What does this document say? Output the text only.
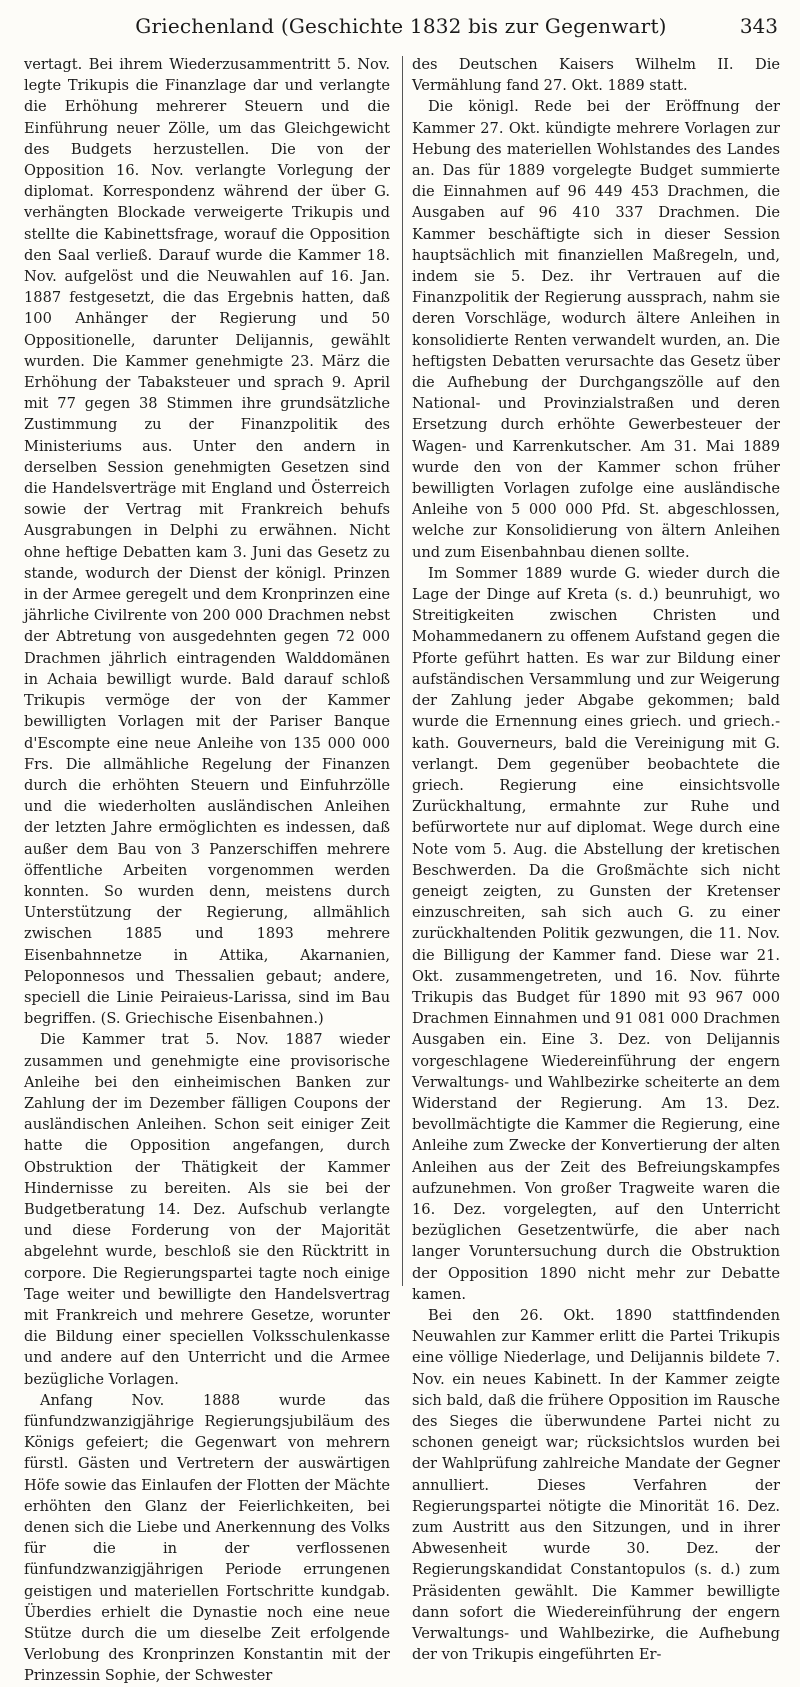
Griechenland (Geschichte 1832 bis zur Gegenwart)	343

vertagt. Bei ihrem Wiederzusammentritt 5. Nov. legte Trikupis die Finanzlage dar und verlangte die Erhöhung mehrerer Steuern und die Einführung neuer Zölle, um das Gleichgewicht des Budgets herzustellen. Die von der Opposition 16. Nov. verlangte Vorlegung der diplomat. Korrespondenz während der über G. verhängten Blockade verweigerte Trikupis und stellte die Kabinettsfrage, worauf die Opposition den Saal verließ. Darauf wurde die Kammer 18. Nov. aufgelöst und die Neuwahlen auf 16. Jan. 1887 festgesetzt, die das Ergebnis hatten, daß 100 Anhänger der Regierung und 50 Oppositionelle, darunter Delijannis, gewählt wurden. Die Kammer genehmigte 23. März die Erhöhung der Tabaksteuer und sprach 9. April mit 77 gegen 38 Stimmen ihre grundsätzliche Zustimmung zu der Finanzpolitik des Ministeriums aus. Unter den andern in derselben Session genehmigten Gesetzen sind die Handelsverträge mit England und Österreich sowie der Vertrag mit Frankreich behufs Ausgrabungen in Delphi zu erwähnen. Nicht ohne heftige Debatten kam 3. Juni das Gesetz zu stande, wodurch der Dienst der königl. Prinzen in der Armee geregelt und dem Kronprinzen eine jährliche Civilrente von 200 000 Drachmen nebst der Abtretung von ausgedehnten gegen 72 000 Drachmen jährlich eintragenden Walddomänen in Achaia bewilligt wurde. Bald darauf schloß Trikupis vermöge der von der Kammer bewilligten Vorlagen mit der Pariser Banque d'Escompte eine neue Anleihe von 135 000 000 Frs. Die allmähliche Regelung der Finanzen durch die erhöhten Steuern und Einfuhrzölle und die wiederholten ausländischen Anleihen der letzten Jahre ermöglichten es indessen, daß außer dem Bau von 3 Panzerschiffen mehrere öffentliche Arbeiten vorgenommen werden konnten. So wurden denn, meistens durch Unterstützung der Regierung, allmählich zwischen 1885 und 1893 mehrere Eisenbahnnetze in Attika, Akarnanien, Peloponnesos und Thessalien gebaut; andere, speciell die Linie Peiraieus-Larissa, sind im Bau begriffen. (S. Griechische Eisenbahnen.)

Die Kammer trat 5. Nov. 1887 wieder zusammen und genehmigte eine provisorische Anleihe bei den einheimischen Banken zur Zahlung der im Dezember fälligen Coupons der ausländischen Anleihen. Schon seit einiger Zeit hatte die Opposition angefangen, durch Obstruktion der Thätigkeit der Kammer Hindernisse zu bereiten. Als sie bei der Budgetberatung 14. Dez. Aufschub verlangte und diese Forderung von der Majorität abgelehnt wurde, beschloß sie den Rücktritt in corpore. Die Regierungspartei tagte noch einige Tage weiter und bewilligte den Handelsvertrag mit Frankreich und mehrere Gesetze, worunter die Bildung einer speciellen Volksschulenkasse und andere auf den Unterricht und die Armee bezügliche Vorlagen.

Anfang Nov. 1888 wurde das fünfundzwanzigjährige Regierungsjubiläum des Königs gefeiert; die Gegenwart von mehrern fürstl. Gästen und Vertretern der auswärtigen Höfe sowie das Einlaufen der Flotten der Mächte erhöhten den Glanz der Feierlichkeiten, bei denen sich die Liebe und Anerkennung des Volks für die in der verflossenen fünfundzwanzigjährigen Periode errungenen geistigen und materiellen Fortschritte kundgab. Überdies erhielt die Dynastie noch eine neue Stütze durch die um dieselbe Zeit erfolgende Verlobung des Kronprinzen Konstantin mit der Prinzessin Sophie, der Schwester

des Deutschen Kaisers Wilhelm II. Die Vermählung fand 27. Okt. 1889 statt.

Die königl. Rede bei der Eröffnung der Kammer 27. Okt. kündigte mehrere Vorlagen zur Hebung des materiellen Wohlstandes des Landes an. Das für 1889 vorgelegte Budget summierte die Einnahmen auf 96 449 453 Drachmen, die Ausgaben auf 96 410 337 Drachmen. Die Kammer beschäftigte sich in dieser Session hauptsächlich mit finanziellen Maßregeln, und, indem sie 5. Dez. ihr Vertrauen auf die Finanzpolitik der Regierung aussprach, nahm sie deren Vorschläge, wodurch ältere Anleihen in konsolidierte Renten verwandelt wurden, an. Die heftigsten Debatten verursachte das Gesetz über die Aufhebung der Durchgangszölle auf den National- und Provinzialstraßen und deren Ersetzung durch erhöhte Gewerbesteuer der Wagen- und Karrenkutscher. Am 31. Mai 1889 wurde den von der Kammer schon früher bewilligten Vorlagen zufolge eine ausländische Anleihe von 5 000 000 Pfd. St. abgeschlossen, welche zur Konsolidierung von ältern Anleihen und zum Eisenbahnbau dienen sollte.

Im Sommer 1889 wurde G. wieder durch die Lage der Dinge auf Kreta (s. d.) beunruhigt, wo Streitigkeiten zwischen Christen und Mohammedanern zu offenem Aufstand gegen die Pforte geführt hatten. Es war zur Bildung einer aufständischen Versammlung und zur Weigerung der Zahlung jeder Abgabe gekommen; bald wurde die Ernennung eines griech. und griech.-kath. Gouverneurs, bald die Vereinigung mit G. verlangt. Dem gegenüber beobachtete die griech. Regierung eine einsichtsvolle Zurückhaltung, ermahnte zur Ruhe und befürwortete nur auf diplomat. Wege durch eine Note vom 5. Aug. die Abstellung der kretischen Beschwerden. Da die Großmächte sich nicht geneigt zeigten, zu Gunsten der Kretenser einzuschreiten, sah sich auch G. zu einer zurückhaltenden Politik gezwungen, die 11. Nov. die Billigung der Kammer fand. Diese war 21. Okt. zusammengetreten, und 16. Nov. führte Trikupis das Budget für 1890 mit 93 967 000 Drachmen Einnahmen und 91 081 000 Drachmen Ausgaben ein. Eine 3. Dez. von Delijannis vorgeschlagene Wiedereinführung der engern Verwaltungs- und Wahlbezirke scheiterte an dem Widerstand der Regierung. Am 13. Dez. bevollmächtigte die Kammer die Regierung, eine Anleihe zum Zwecke der Konvertierung der alten Anleihen aus der Zeit des Befreiungskampfes aufzunehmen. Von großer Tragweite waren die 16. Dez. vorgelegten, auf den Unterricht bezüglichen Gesetzentwürfe, die aber nach langer Voruntersuchung durch die Obstruktion der Opposition 1890 nicht mehr zur Debatte kamen.

Bei den 26. Okt. 1890 stattfindenden Neuwahlen zur Kammer erlitt die Partei Trikupis eine völlige Niederlage, und Delijannis bildete 7. Nov. ein neues Kabinett. In der Kammer zeigte sich bald, daß die frühere Opposition im Rausche des Sieges die überwundene Partei nicht zu schonen geneigt war; rücksichtslos wurden bei der Wahlprüfung zahlreiche Mandate der Gegner annulliert. Dieses Verfahren der Regierungspartei nötigte die Minorität 16. Dez. zum Austritt aus den Sitzungen, und in ihrer Abwesenheit wurde 30. Dez. der Regierungskandidat Constantopulos (s. d.) zum Präsidenten gewählt. Die Kammer bewilligte dann sofort die Wiedereinführung der engern Verwaltungs- und Wahlbezirke, die Aufhebung der von Trikupis eingeführten Er-
